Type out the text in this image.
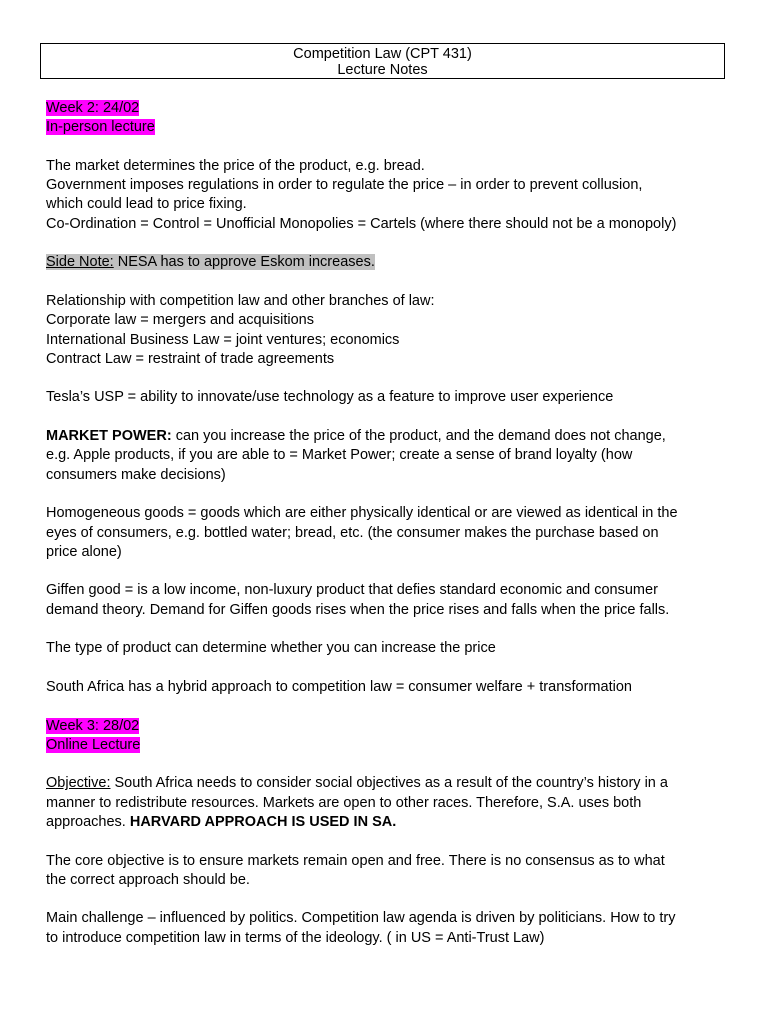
Competition Law (CPT 431)
Lecture Notes

Week 2: 24/02

In-person lecture

The market determines the price of the product, e.g. bread.

Government imposes regulations in order to regulate the price – in order to prevent collusion,

which could lead to price fixing.

Co-Ordination = Control = Unofficial Monopolies = Cartels (where there should not be a monopoly)

Side Note: NESA has to approve Eskom increases.

Relationship with competition law and other branches of law:

Corporate law = mergers and acquisitions

International Business Law = joint ventures; economics

Contract Law = restraint of trade agreements

Tesla’s USP = ability to innovate/use technology as a feature to improve user experience

MARKET POWER: can you increase the price of the product, and the demand does not change,

e.g. Apple products, if you are able to = Market Power; create a sense of brand loyalty (how

consumers make decisions)

Homogeneous goods = goods which are either physically identical or are viewed as identical in the

eyes of consumers, e.g. bottled water; bread, etc. (the consumer makes the purchase based on

price alone)

Giffen good = is a low income, non-luxury product that defies standard economic and consumer

demand theory. Demand for Giffen goods rises when the price rises and falls when the price falls.

The type of product can determine whether you can increase the price

South Africa has a hybrid approach to competition law = consumer welfare + transformation

Week 3: 28/02

Online Lecture

Objective: South Africa needs to consider social objectives as a result of the country’s history in a

manner to redistribute resources. Markets are open to other races. Therefore, S.A. uses both

approaches. HARVARD APPROACH IS USED IN SA.

The core objective is to ensure markets remain open and free. There is no consensus as to what

the correct approach should be.

Main challenge – influenced by politics. Competition law agenda is driven by politicians. How to try

to introduce competition law in terms of the ideology. ( in US = Anti-Trust Law)
